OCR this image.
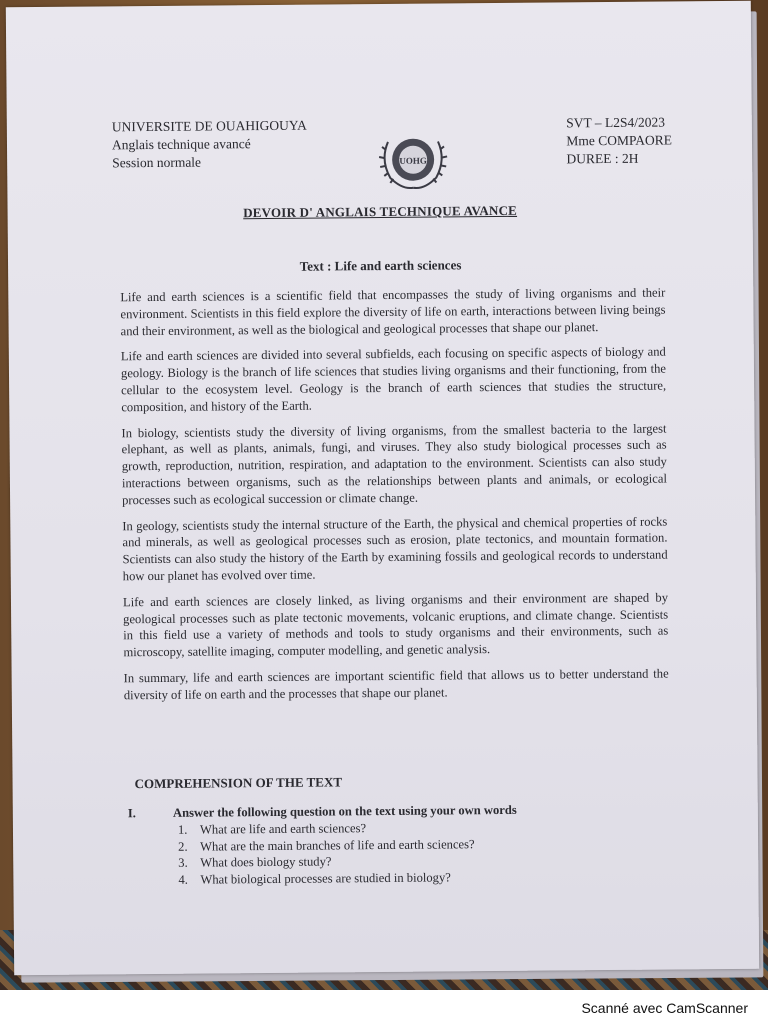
UNIVERSITE DE OUAHIGOUYA
Anglais technique avancé
Session normale	UOHG
SVT – L2S4/2023
Mme COMPAORE
DUREE : 2H
DEVOIR D' ANGLAIS TECHNIQUE AVANCE
Text : Life and earth sciences

Life and earth sciences is a scientific field that encompasses the study of living organisms and their environment. Scientists in this field explore the diversity of life on earth, interactions between living beings and their environment, as well as the biological and geological processes that shape our planet.

Life and earth sciences are divided into several subfields, each focusing on specific aspects of biology and geology. Biology is the branch of life sciences that studies living organisms and their functioning, from the cellular to the ecosystem level. Geology is the branch of earth sciences that studies the structure, composition, and history of the Earth.

In biology, scientists study the diversity of living organisms, from the smallest bacteria to the largest elephant, as well as plants, animals, fungi, and viruses. They also study biological processes such as growth, reproduction, nutrition, respiration, and adaptation to the environment. Scientists can also study interactions between organisms, such as the relationships between plants and animals, or ecological processes such as ecological succession or climate change.

In geology, scientists study the internal structure of the Earth, the physical and chemical properties of rocks and minerals, as well as geological processes such as erosion, plate tectonics, and mountain formation. Scientists can also study the history of the Earth by examining fossils and geological records to understand how our planet has evolved over time.

Life and earth sciences are closely linked, as living organisms and their environment are shaped by geological processes such as plate tectonic movements, volcanic eruptions, and climate change. Scientists in this field use a variety of methods and tools to study organisms and their environments, such as microscopy, satellite imaging, computer modelling, and genetic analysis.

In summary, life and earth sciences are important scientific field that allows us to better understand the diversity of life on earth and the processes that shape our planet.

COMPREHENSION OF THE TEXT
I.	Answer the following question on the text using your own words
1. What are life and earth sciences?
2. What are the main branches of life and earth sciences?
3. What does biology study?
4. What biological processes are studied in biology?
Scanné avec CamScanner
